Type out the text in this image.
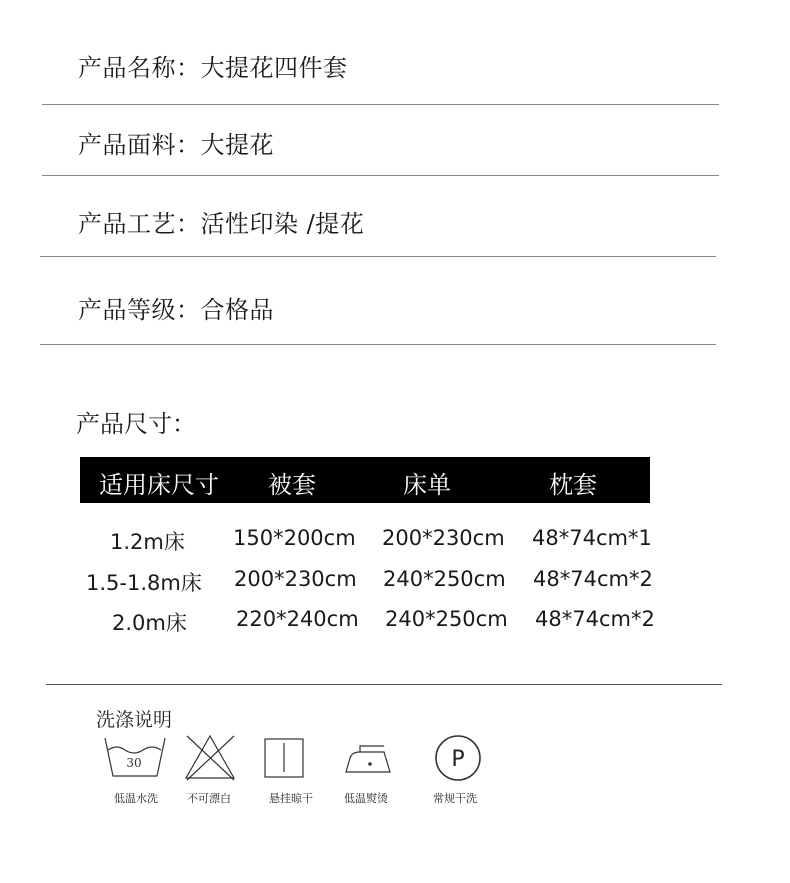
产品名称：大提花四件套
产品面料：大提花
产品工艺：活性印染 /提花
产品等级：合格品
产品尺寸：
适用床尺寸 被套	床单	枕套
1.2m床 150*200cm 200*230cm 48*74cm*1
1.5-1.8m床 200*230cm 240*250cm 48*74cm*2
2.0m床 220*240cm 240*250cm 48*74cm*2
洗涤说明
30	P
低温水洗	不可漂白	悬挂晾干	低温熨烫	常规干洗
